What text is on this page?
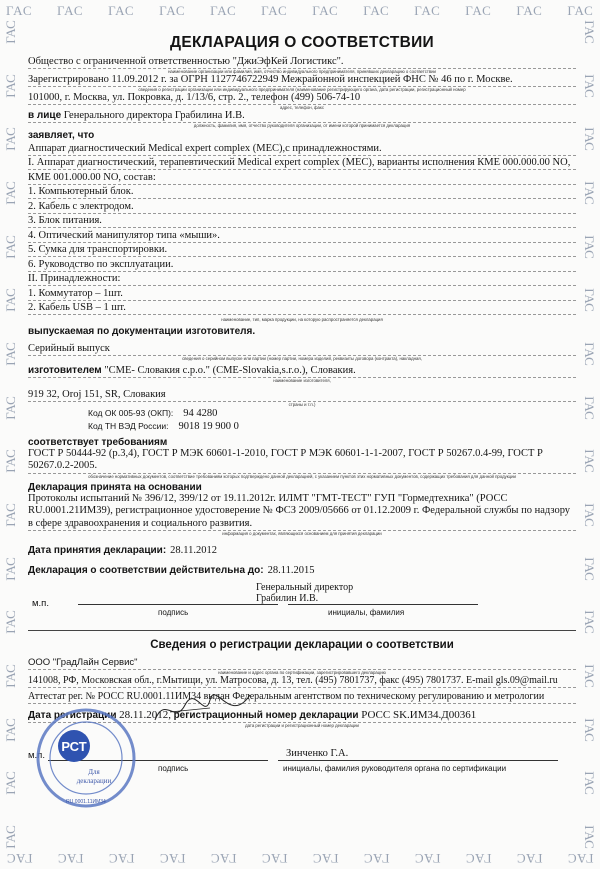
ГАС ГАС ГАС ГАС ГАС ГАС ГАС ГАС ГАС ГАС ГАС ГАС
ГАС ГАС ГАС ГАС ГАС ГАС ГАС ГАС ГАС ГАС ГАС ГАС
ГАС
ГАС
ГАС
ГАС
ГАС
ГАС
ГАС
ГАС
ГАС
ГАС
ГАС
ГАС
ГАС
ГАС
ГАС
ГАС
ГАС
ГАС
ГАС
ГАС
ГАС
ГАС
ГАС
ГАС
ГАС
ГАС
ГАС
ГАС
ГАС
ГАС
ГАС
ГАС
ДЕКЛАРАЦИЯ О СООТВЕТСТВИИ
Общество с ограниченной ответственностью "ДжиЭфКей Логистикс".
наименование организации или фамилия, имя, отчество индивидуального предпринимателя, принявших декларацию о соответствии
Зарегистрировано 11.09.2012 г. за ОГРН 1127746722949 Межрайонной инспекцией ФНС № 46 по г. Москве.
сведения о регистрации организации или индивидуального предпринимателя (наименование регистрирующего органа, дата регистрации, регистрационный номер
101000, г. Москва, ул. Покровка, д. 1/13/6, стр. 2., телефон (499) 506-74-10
адрес, телефон, факс
в лице Генерального директора Грабилина И.В.
должность, фамилия, имя, отчество руководителя организации, от имени которой принимается декларация
заявляет, что
Аппарат диагностический Medical expert complex (МЕС),с принадлежностями.
I. Аппарат диагностический, терапевтический Medical expert complex (МЕС), варианты исполнения КМЕ 000.000.00 NO,
КМЕ 001.000.00 NO, состав:
1. Компьютерный блок.
2. Кабель с электродом.
3. Блок питания.
4. Оптический манипулятор типа «мыши».
5. Сумка для транспортировки.
6. Руководство по эксплуатации.
II. Принадлежности:
1. Коммутатор – 1шт.
2. Кабель USB – 1 шт.
наименование, тип, марка продукции, на которую распространяется декларация
выпускаемая по документации изготовителя.
Серийный выпуск
сведения о серийном выпуске или партии (номер партии, номера изделий, реквизиты договора (контракта), накладная,
изготовителем "CME- Словакия с.р.о." (CME-Slovakia,s.r.o.), Словакия.
наименование изготовителя,
919 32, Oroj 151, SR, Словакия
страны и т.п.)
Код ОК 005-93 (ОКП): 94 4280
Код ТН ВЭД России: 9018 19 900 0
соответствует требованиям
ГОСТ Р 50444-92 (р.3,4), ГОСТ Р МЭК 60601-1-2010, ГОСТ Р МЭК 60601-1-1-2007, ГОСТ Р 50267.0.4-99, ГОСТ Р 50267.0.2-2005.
обозначение нормативных документов, соответствие требованиям которых подтверждено данной декларацией, с указанием пунктов этих нормативных документов, содержащих требования для данной продукции
Декларация принята на основании
Протоколы испытаний № 396/12, 399/12 от 19.11.2012г. ИЛМТ "ГМТ-ТЕСТ" ГУП "Гормедтехника" (РОСС RU.0001.21ИМ39), регистрационное удостоверение № ФСЗ 2009/05666 от 01.12.2009 г. Федеральной службы по надзору в сфере здравоохранения и социального развития.
информация о документах, являющихся основанием для принятия декларации
Дата принятия декларации: 28.11.2012
Декларация о соответствии действительна до: 28.11.2015
м.п.
Генеральный директор
Грабилин И.В.
подпись	инициалы, фамилия
Сведения о регистрации декларации о соответствии
ООО "ГрадЛайн Сервис"
наименование и адрес органа по сертификации, зарегистрировавшего декларацию
141008, РФ, Московская обл., г.Мытищи, ул. Матросова, д. 13, тел. (495) 7801737, факс (495) 7801737. E-mail gls.09@mail.ru
Аттестат рег. № РОСС RU.0001.11ИМ34 выдан Федеральным агентством по техническому регулированию и метрологии
Дата регистрации 28.11.2012, регистрационный номер декларации РОСС SK.ИМ34.Д00361
дата регистрации и регистрационный номер декларации
м.п.	Зинченко Г.А.
подпись	инициалы, фамилия руководителя органа по сертификации
РСТ
Для
декларации
RU.0001.11ИМ34
